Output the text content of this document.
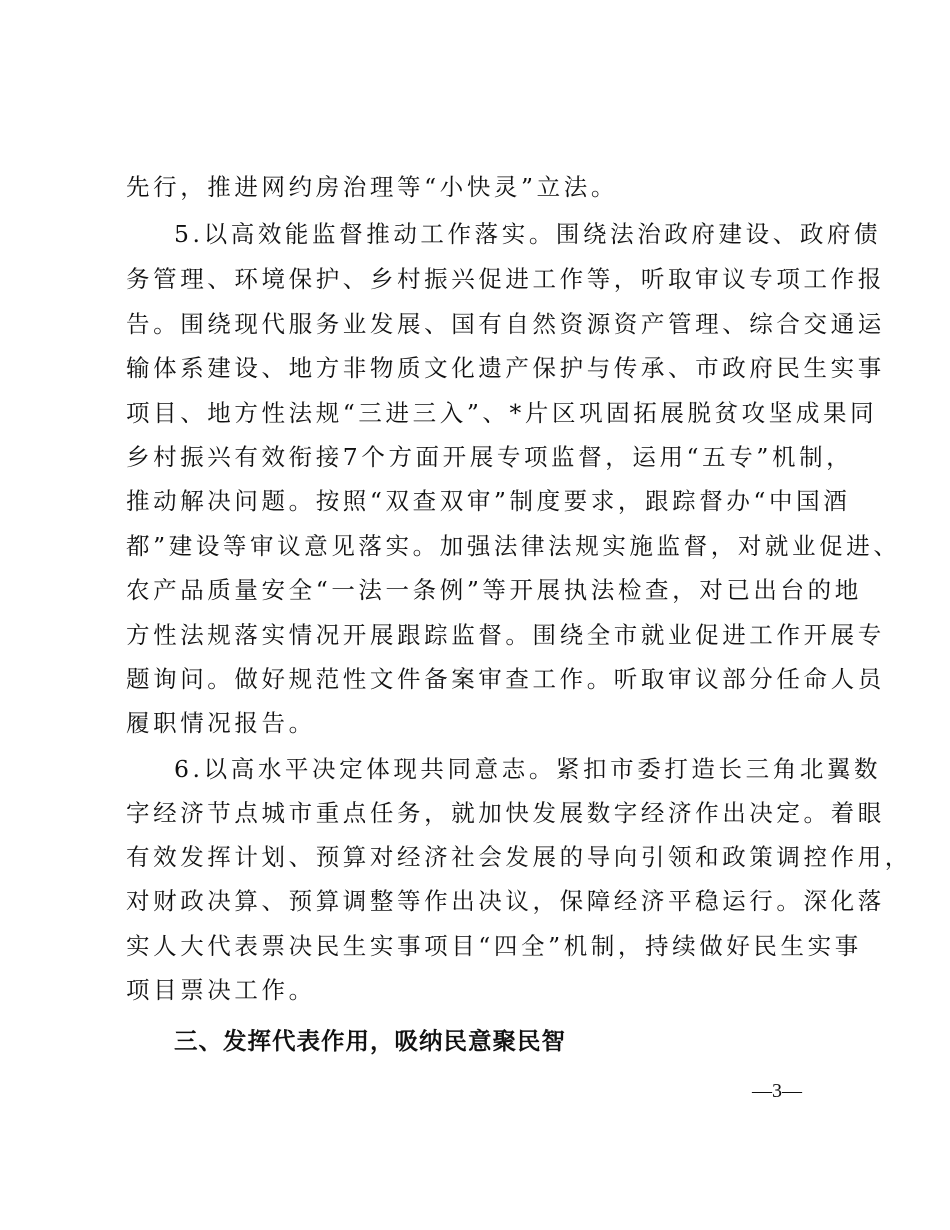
先行，推进网约房治理等“小快灵”立法。
5.以高效能监督推动工作落实。围绕法治政府建设、政府债
务管理、环境保护、乡村振兴促进工作等，听取审议专项工作报
告。围绕现代服务业发展、国有自然资源资产管理、综合交通运
输体系建设、地方非物质文化遗产保护与传承、市政府民生实事
项目、地方性法规“三进三入”、*片区巩固拓展脱贫攻坚成果同
乡村振兴有效衔接7个方面开展专项监督，运用“五专”机制，
推动解决问题。按照“双查双审”制度要求，跟踪督办“中国酒
都”建设等审议意见落实。加强法律法规实施监督，对就业促进、
农产品质量安全“一法一条例”等开展执法检查，对已出台的地
方性法规落实情况开展跟踪监督。围绕全市就业促进工作开展专
题询问。做好规范性文件备案审查工作。听取审议部分任命人员
履职情况报告。
6.以高水平决定体现共同意志。紧扣市委打造长三角北翼数
字经济节点城市重点任务，就加快发展数字经济作出决定。着眼
有效发挥计划、预算对经济社会发展的导向引领和政策调控作用，
对财政决算、预算调整等作出决议，保障经济平稳运行。深化落
实人大代表票决民生实事项目“四全”机制，持续做好民生实事
项目票决工作。
三、发挥代表作用，吸纳民意聚民智
—3—
